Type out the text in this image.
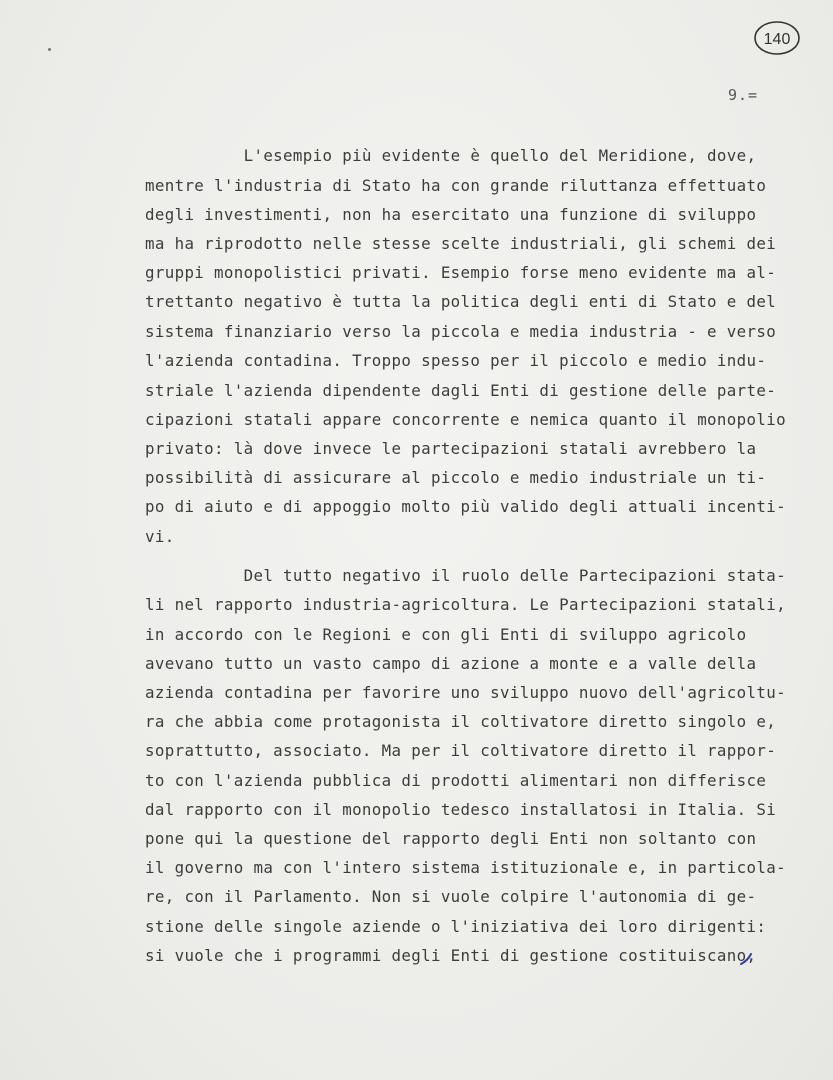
140
9.=
L'esempio più evidente è quello del Meridione, dove,
mentre l'industria di Stato ha con grande riluttanza effettuato
degli investimenti, non ha esercitato una funzione di sviluppo
ma ha riprodotto nelle stesse scelte industriali, gli schemi dei
gruppi monopolistici privati. Esempio forse meno evidente ma al-
trettanto negativo è tutta la politica degli enti di Stato e del
sistema finanziario verso la piccola e media industria - e verso
l'azienda contadina. Troppo spesso per il piccolo e medio indu-
striale l'azienda dipendente dagli Enti di gestione delle parte-
cipazioni statali appare concorrente e nemica quanto il monopolio
privato: là dove invece le partecipazioni statali avrebbero la
possibilità di assicurare al piccolo e medio industriale un ti-
po di aiuto e di appoggio molto più valido degli attuali incenti-
vi.
Del tutto negativo il ruolo delle Partecipazioni stata-
li nel rapporto industria-agricoltura. Le Partecipazioni statali,
in accordo con le Regioni e con gli Enti di sviluppo agricolo
avevano tutto un vasto campo di azione a monte e a valle della
azienda contadina per favorire uno sviluppo nuovo dell'agricoltu-
ra che abbia come protagonista il coltivatore diretto singolo e,
soprattutto, associato. Ma per il coltivatore diretto il rappor-
to con l'azienda pubblica di prodotti alimentari non differisce
dal rapporto con il monopolio tedesco installatosi in Italia. Si
pone qui la questione del rapporto degli Enti non soltanto con
il governo ma con l'intero sistema istituzionale e, in particola-
re, con il Parlamento. Non si vuole colpire l'autonomia di ge-
stione delle singole aziende o l'iniziativa dei loro dirigenti:
si vuole che i programmi degli Enti di gestione costituiscano,
